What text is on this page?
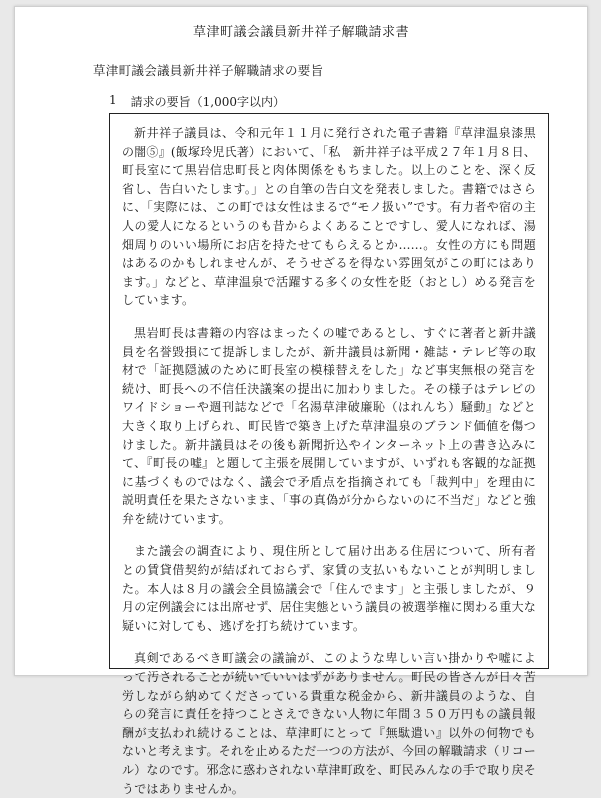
草津町議会議員新井祥子解職請求書
草津町議会議員新井祥子解職請求の要旨
1 請求の要旨（1,000字以内）

新井祥子議員は、令和元年１１月に発行された電子書籍『草津温泉漆黒の闇⑤』(飯塚玲児氏著）において、「私　新井祥子は平成２７年１月８日、町長室にて黒岩信忠町長と肉体関係をもちました。以上のことを、深く反省し、告白いたします。」との自筆の告白文を発表しました。書籍ではさらに、「実際には、この町では女性はまるで“モノ扱い”です。有力者や宿の主人の愛人になるというのも昔からよくあることですし、愛人になれば、湯畑周りのいい場所にお店を持たせてもらえるとか……。女性の方にも問題はあるのかもしれませんが、そうせざるを得ない雰囲気がこの町にはあります。」などと、草津温泉で活躍する多くの女性を貶（おとし）める発言をしています。

黒岩町長は書籍の内容はまったくの嘘であるとし、すぐに著者と新井議員を名誉毀損にて提訴しましたが、新井議員は新聞・雑誌・テレビ等の取材で「証拠隠滅のために町長室の模様替えをした」など事実無根の発言を続け、町長への不信任決議案の提出に加わりました。その様子はテレビのワイドショーや週刊誌などで「名湯草津破廉恥（はれんち）騒動』などと大きく取り上げられ、町民皆で築き上げた草津温泉のブランド価値を傷つけました。新井議員はその後も新聞折込やインターネット上の書き込みにて、『町長の嘘』と題して主張を展開していますが、いずれも客観的な証拠に基づくものではなく、議会で矛盾点を指摘されても「裁判中」を理由に説明責任を果たさないまま、「事の真偽が分からないのに不当だ」などと強弁を続けています。

また議会の調査により、現住所として届け出ある住居について、所有者との賃貸借契約が結ばれておらず、家賃の支払いもないことが判明しました。本人は８月の議会全員協議会で「住んでます」と主張しましたが、９月の定例議会には出席せず、居住実態という議員の被選挙権に関わる重大な疑いに対しても、逃げを打ち続けています。

真剣であるべき町議会の議論が、このような卑しい言い掛かりや嘘によって汚されることが続いていいはずがありません。町民の皆さんが日々苦労しながら納めてくださっている貴重な税金から、新井議員のような、自らの発言に責任を持つことさえできない人物に年間３５０万円もの議員報酬が支払われ続けることは、草津町にとって『無駄遣い』以外の何物でもないと考えます。それを止めるただ一つの方法が、今回の解職請求（リコール）なのです。邪念に惑わされない草津町政を、町民みんなの手で取り戻そうではありませんか。
